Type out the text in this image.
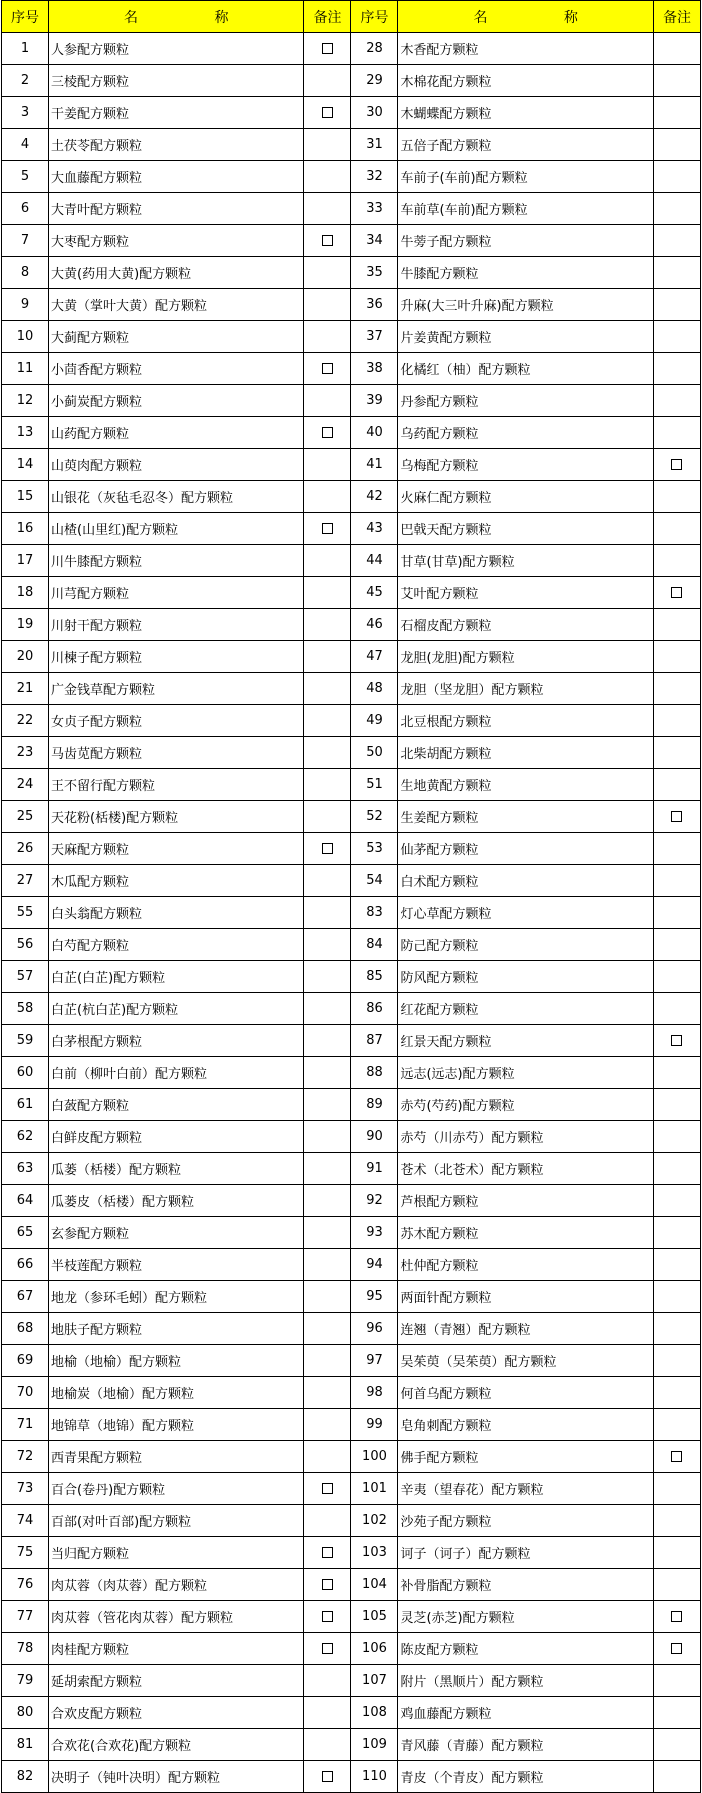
序号	名 称	备注	序号	名 称	备注
1	人参配方颗粒		28	木香配方颗粒	
2	三棱配方颗粒		29	木棉花配方颗粒	
3	干姜配方颗粒		30	木蝴蝶配方颗粒	
4	土茯苓配方颗粒		31	五倍子配方颗粒	
5	大血藤配方颗粒		32	车前子(车前)配方颗粒	
6	大青叶配方颗粒		33	车前草(车前)配方颗粒	
7	大枣配方颗粒		34	牛蒡子配方颗粒	
8	大黄(药用大黄)配方颗粒		35	牛膝配方颗粒	
9	大黄（掌叶大黄）配方颗粒		36	升麻(大三叶升麻)配方颗粒	
10	大蓟配方颗粒		37	片姜黄配方颗粒	
11	小茴香配方颗粒		38	化橘红（柚）配方颗粒	
12	小蓟炭配方颗粒		39	丹参配方颗粒	
13	山药配方颗粒		40	乌药配方颗粒	
14	山萸肉配方颗粒		41	乌梅配方颗粒	
15	山银花（灰毡毛忍冬）配方颗粒		42	火麻仁配方颗粒	
16	山楂(山里红)配方颗粒		43	巴戟天配方颗粒	
17	川牛膝配方颗粒		44	甘草(甘草)配方颗粒	
18	川芎配方颗粒		45	艾叶配方颗粒	
19	川射干配方颗粒		46	石榴皮配方颗粒	
20	川楝子配方颗粒		47	龙胆(龙胆)配方颗粒	
21	广金钱草配方颗粒		48	龙胆（坚龙胆）配方颗粒	
22	女贞子配方颗粒		49	北豆根配方颗粒	
23	马齿苋配方颗粒		50	北柴胡配方颗粒	
24	王不留行配方颗粒		51	生地黄配方颗粒	
25	天花粉(栝楼)配方颗粒		52	生姜配方颗粒	
26	天麻配方颗粒		53	仙茅配方颗粒	
27	木瓜配方颗粒		54	白术配方颗粒	
55	白头翁配方颗粒		83	灯心草配方颗粒	
56	白芍配方颗粒		84	防己配方颗粒	
57	白芷(白芷)配方颗粒		85	防风配方颗粒	
58	白芷(杭白芷)配方颗粒		86	红花配方颗粒	
59	白茅根配方颗粒		87	红景天配方颗粒	
60	白前（柳叶白前）配方颗粒		88	远志(远志)配方颗粒	
61	白蔹配方颗粒		89	赤芍(芍药)配方颗粒	
62	白鲜皮配方颗粒		90	赤芍（川赤芍）配方颗粒	
63	瓜蒌（栝楼）配方颗粒		91	苍术（北苍术）配方颗粒	
64	瓜蒌皮（栝楼）配方颗粒		92	芦根配方颗粒	
65	玄参配方颗粒		93	苏木配方颗粒	
66	半枝莲配方颗粒		94	杜仲配方颗粒	
67	地龙（参环毛蚓）配方颗粒		95	两面针配方颗粒	
68	地肤子配方颗粒		96	连翘（青翘）配方颗粒	
69	地榆（地榆）配方颗粒		97	吴茱萸（吴茱萸）配方颗粒	
70	地榆炭（地榆）配方颗粒		98	何首乌配方颗粒	
71	地锦草（地锦）配方颗粒		99	皂角刺配方颗粒	
72	西青果配方颗粒		100	佛手配方颗粒	
73	百合(卷丹)配方颗粒		101	辛夷（望春花）配方颗粒	
74	百部(对叶百部)配方颗粒		102	沙苑子配方颗粒	
75	当归配方颗粒		103	诃子（诃子）配方颗粒	
76	肉苁蓉（肉苁蓉）配方颗粒		104	补骨脂配方颗粒	
77	肉苁蓉（管花肉苁蓉）配方颗粒		105	灵芝(赤芝)配方颗粒	
78	肉桂配方颗粒		106	陈皮配方颗粒	
79	延胡索配方颗粒		107	附片（黑顺片）配方颗粒	
80	合欢皮配方颗粒		108	鸡血藤配方颗粒	
81	合欢花(合欢花)配方颗粒		109	青风藤（青藤）配方颗粒	
82	决明子（钝叶决明）配方颗粒		110	青皮（个青皮）配方颗粒	
